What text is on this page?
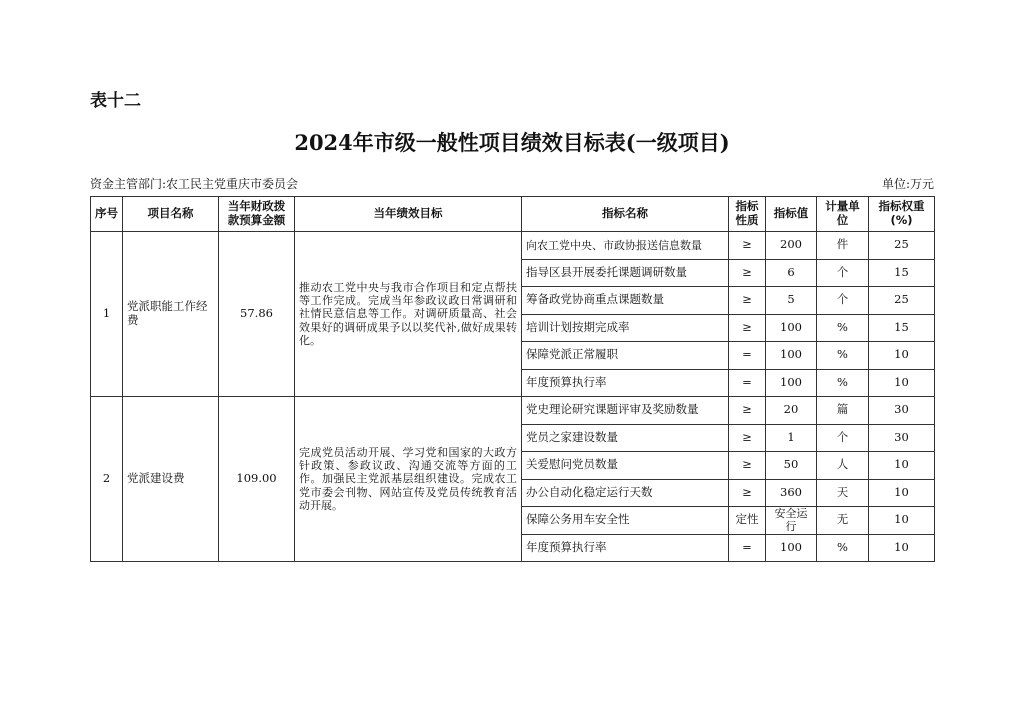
表十二
2024年市级一般性项目绩效目标表(一级项目)
资金主管部门:农工民主党重庆市委员会	单位:万元
序号	项目名称	当年财政拨款预算金额	当年绩效目标	指标名称	指标性质	指标值	计量单位	指标权重(%)
1	党派职能工作经费	57.86	推动农工党中央与我市合作项目和定点帮扶等工作完成。完成当年参政议政日常调研和社情民意信息等工作。对调研质量高、社会效果好的调研成果予以以奖代补,做好成果转化。	向农工党中央、市政协报送信息数量	≥	200	件	25
				指导区县开展委托课题调研数量	≥	6	个	15
				筹备政党协商重点课题数量	≥	5	个	25
				培训计划按期完成率	≥	100	%	15
				保障党派正常履职	=	100	%	10
				年度预算执行率	=	100	%	10
2	党派建设费	109.00	完成党员活动开展、学习党和国家的大政方针政策、参政议政、沟通交流等方面的工作。加强民主党派基层组织建设。完成农工党市委会刊物、网站宣传及党员传统教育活动开展。	党史理论研究课题评审及奖励数量	≥	20	篇	30
				党员之家建设数量	≥	1	个	30
				关爱慰问党员数量	≥	50	人	10
				办公自动化稳定运行天数	≥	360	天	10
				保障公务用车安全性	定性	安全运行	无	10
				年度预算执行率	=	100	%	10
